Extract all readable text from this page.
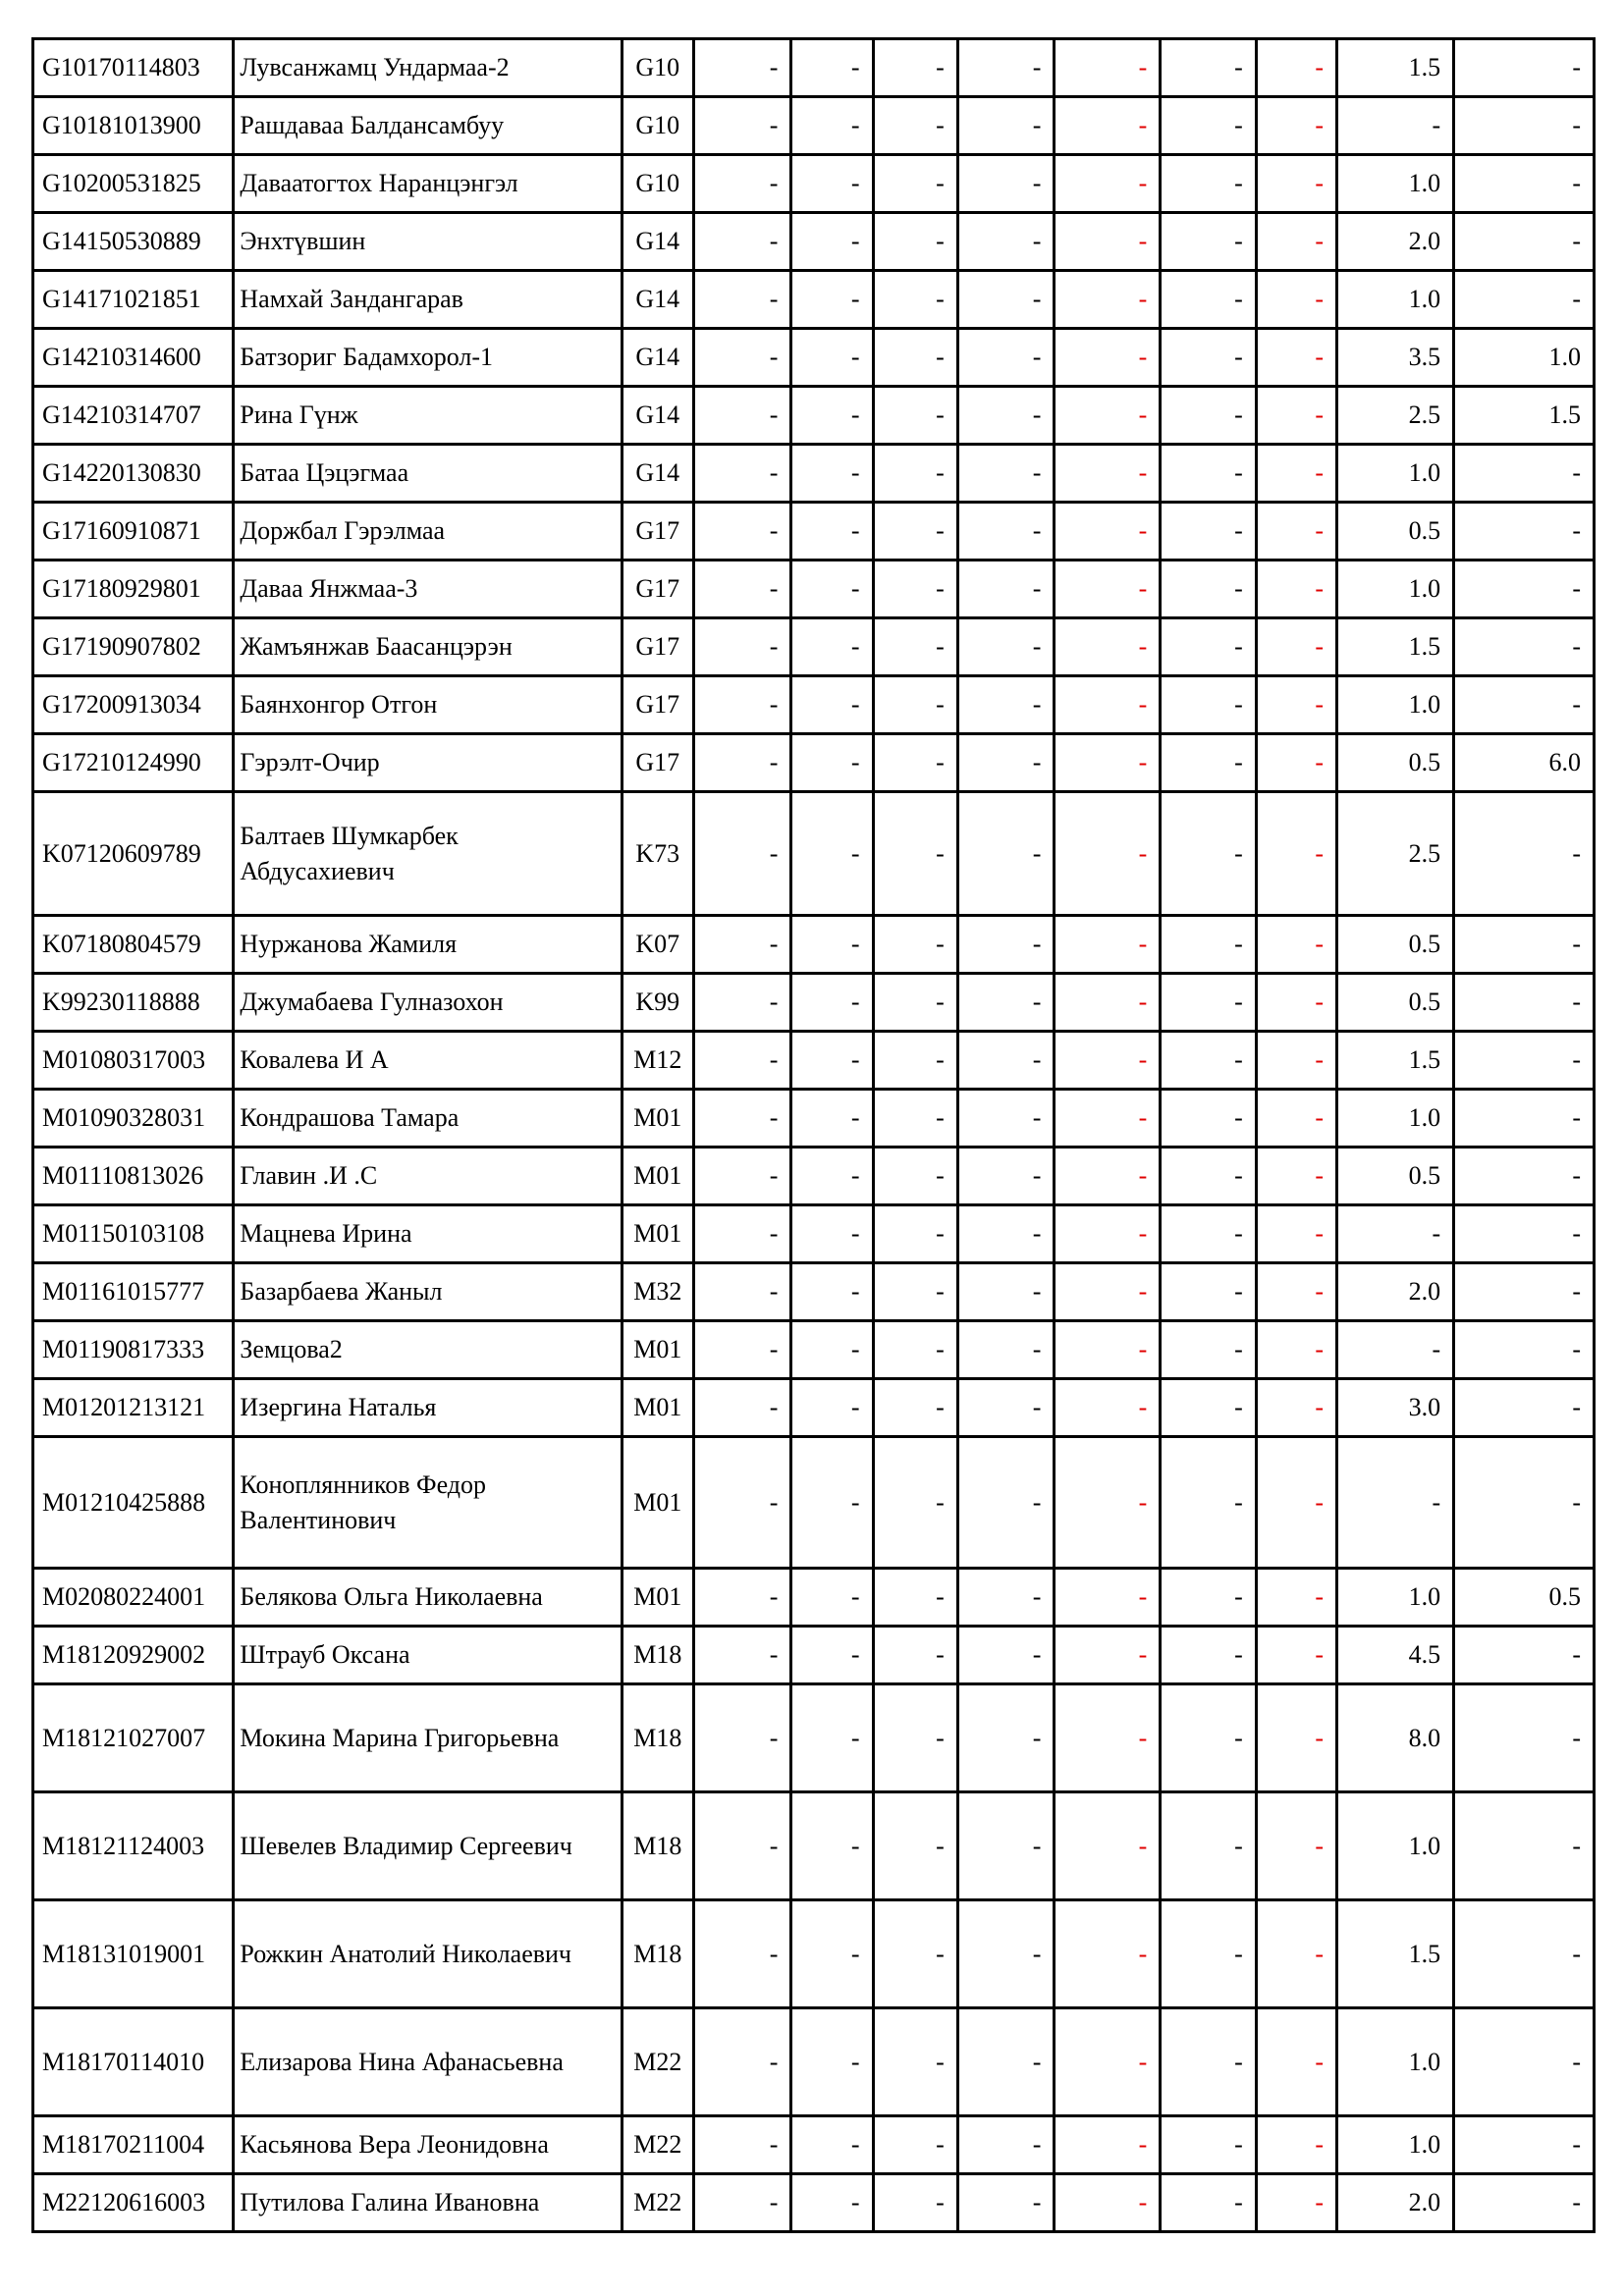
G10170114803	Лувсанжамц Ундармаа-2	G10	-	-	-	-	-	-	-	1.5	-
G10181013900	Рашдаваа Балдансамбуу	G10	-	-	-	-	-	-	-	-	-
G10200531825	Даваатогтох Наранцэнгэл	G10	-	-	-	-	-	-	-	1.0	-
G14150530889	Энхтүвшин	G14	-	-	-	-	-	-	-	2.0	-
G14171021851	Намхай Зандангарав	G14	-	-	-	-	-	-	-	1.0	-
G14210314600	Батзориг Бадамхорол-1	G14	-	-	-	-	-	-	-	3.5	1.0
G14210314707	Рина Гүнж	G14	-	-	-	-	-	-	-	2.5	1.5
G14220130830	Батаа Цэцэгмаа	G14	-	-	-	-	-	-	-	1.0	-
G17160910871	Доржбал Гэрэлмаа	G17	-	-	-	-	-	-	-	0.5	-
G17180929801	Даваа Янжмаа-3	G17	-	-	-	-	-	-	-	1.0	-
G17190907802	Жамъянжав Баасанцэрэн	G17	-	-	-	-	-	-	-	1.5	-
G17200913034	Баянхонгор Отгон	G17	-	-	-	-	-	-	-	1.0	-
G17210124990	Гэрэлт-Очир	G17	-	-	-	-	-	-	-	0.5	6.0
K07120609789	Балтаев Шумкарбек Абдусахиевич	K73	-	-	-	-	-	-	-	2.5	-
K07180804579	Нуржанова Жамиля	K07	-	-	-	-	-	-	-	0.5	-
K99230118888	Джумабаева Гулназохон	K99	-	-	-	-	-	-	-	0.5	-
M01080317003	Ковалева И А	M12	-	-	-	-	-	-	-	1.5	-
M01090328031	Кондрашова Тамара	M01	-	-	-	-	-	-	-	1.0	-
M01110813026	Главин .И .С	M01	-	-	-	-	-	-	-	0.5	-
M01150103108	Мацнева Ирина	M01	-	-	-	-	-	-	-	-	-
M01161015777	Базарбаева Жаныл	M32	-	-	-	-	-	-	-	2.0	-
M01190817333	Земцова2	M01	-	-	-	-	-	-	-	-	-
M01201213121	Изергина Наталья	M01	-	-	-	-	-	-	-	3.0	-
M01210425888	Коноплянников Федор Валентинович	M01	-	-	-	-	-	-	-	-	-
M02080224001	Белякова Ольга Николаевна	M01	-	-	-	-	-	-	-	1.0	0.5
M18120929002	Штрауб Оксана	M18	-	-	-	-	-	-	-	4.5	-
M18121027007	Мокина Марина Григорьевна	M18	-	-	-	-	-	-	-	8.0	-
M18121124003	Шевелев Владимир Сергеевич	M18	-	-	-	-	-	-	-	1.0	-
M18131019001	Рожкин Анатолий Николаевич	M18	-	-	-	-	-	-	-	1.5	-
M18170114010	Елизарова Нина Афанасьевна	M22	-	-	-	-	-	-	-	1.0	-
M18170211004	Касьянова Вера Леонидовна	M22	-	-	-	-	-	-	-	1.0	-
M22120616003	Путилова Галина Ивановна	M22	-	-	-	-	-	-	-	2.0	-
